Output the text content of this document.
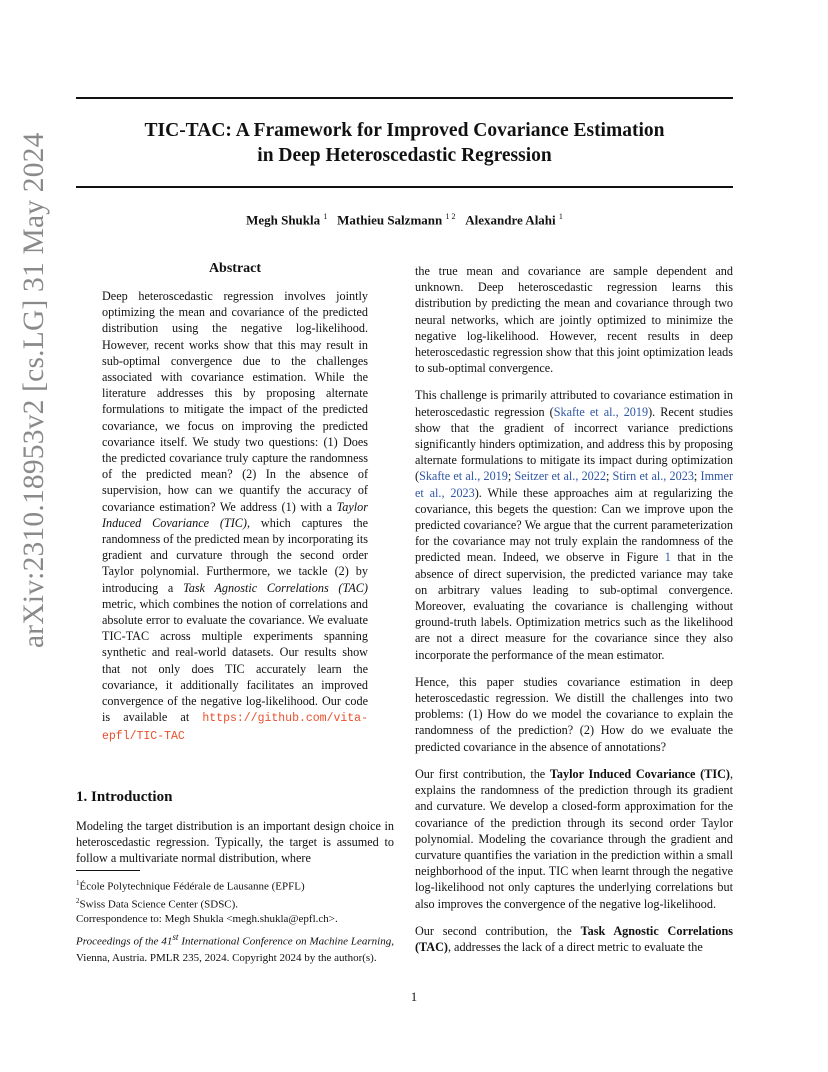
TIC-TAC: A Framework for Improved Covariance Estimation
in Deep Heteroscedastic Regression
Megh Shukla $^1$ Mathieu Salzmann $^{1 2}$ Alexandre Alahi $^1$
arXiv:2310.18953v2 [cs.LG] 31 May 2024	Abstract
Deep heteroscedastic regression involves jointly optimizing the mean and covariance of the predicted distribution using the negative log-likelihood. However, recent works show that this may result in sub-optimal convergence due to the challenges associated with covariance estimation. While the literature addresses this by proposing alternate formulations to mitigate the impact of the predicted covariance, we focus on improving the predicted covariance itself. We study two questions: (1) Does the predicted covariance truly capture the randomness of the predicted mean? (2) In the absence of supervision, how can we quantify the accuracy of covariance estimation? We address (1) with a Taylor Induced Covariance (TIC), which captures the randomness of the predicted mean by incorporating its gradient and curvature through the second order Taylor polynomial. Furthermore, we tackle (2) by introducing a Task Agnostic Correlations (TAC) metric, which combines the notion of correlations and absolute error to evaluate the covariance. We evaluate TIC-TAC across multiple experiments spanning synthetic and real-world datasets. Our results show that not only does TIC accurately learn the covariance, it additionally facilitates an improved convergence of the negative log-likelihood. Our code is available at https://github.com/vita-epfl/TIC-TAC
1. Introduction

Modeling the target distribution is an important design choice in heteroscedastic regression. Typically, the target is assumed to follow a multivariate normal distribution, where

$^1$École Polytechnique Fédérale de Lausanne (EPFL)
$^2$Swiss Data Science Center (SDSC).
Correspondence to: Megh Shukla <megh.shukla@epfl.ch>.
Proceedings of the 41st International Conference on Machine Learning, Vienna, Austria. PMLR 235, 2024. Copyright 2024 by the author(s).

the true mean and covariance are sample dependent and unknown. Deep heteroscedastic regression learns this distribution by predicting the mean and covariance through two neural networks, which are jointly optimized to minimize the negative log-likelihood. However, recent results in deep heteroscedastic regression show that this joint optimization leads to sub-optimal convergence.

This challenge is primarily attributed to covariance estimation in heteroscedastic regression (Skafte et al., 2019). Recent studies show that the gradient of incorrect variance predictions significantly hinders optimization, and address this by proposing alternate formulations to mitigate its impact during optimization (Skafte et al., 2019; Seitzer et al., 2022; Stirn et al., 2023; Immer et al., 2023). While these approaches aim at regularizing the covariance, this begets the question: Can we improve upon the predicted covariance? We argue that the current parameterization for the covariance may not truly explain the randomness of the predicted mean. Indeed, we observe in Figure 1 that in the absence of direct supervision, the predicted variance may take on arbitrary values leading to sub-optimal convergence. Moreover, evaluating the covariance is challenging without ground-truth labels. Optimization metrics such as the likelihood are not a direct measure for the covariance since they also incorporate the performance of the mean estimator.

Hence, this paper studies covariance estimation in deep heteroscedastic regression. We distill the challenges into two problems: (1) How do we model the covariance to explain the randomness of the prediction? (2) How do we evaluate the predicted covariance in the absence of annotations?

Our first contribution, the Taylor Induced Covariance (TIC), explains the randomness of the prediction through its gradient and curvature. We develop a closed-form approximation for the covariance of the prediction through its second order Taylor polynomial. Modeling the covariance through the gradient and curvature quantifies the variation in the prediction within a small neighborhood of the input. TIC when learnt through the negative log-likelihood not only captures the underlying correlations but also improves the convergence of the negative log-likelihood.

Our second contribution, the Task Agnostic Correlations (TAC), addresses the lack of a direct metric to evaluate the

1
